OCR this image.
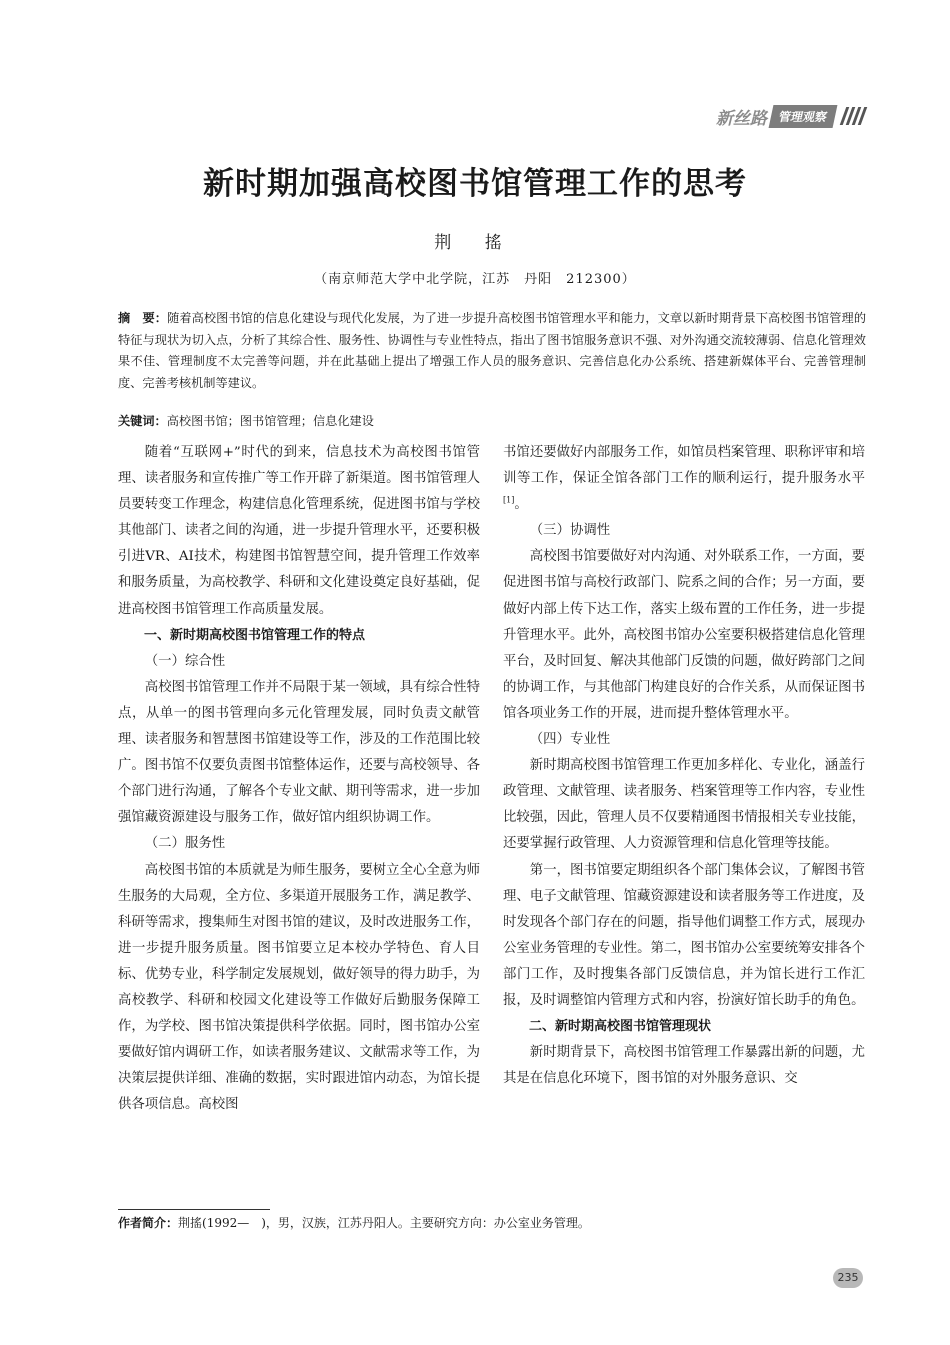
新丝路 管理观察
新时期加强高校图书馆管理工作的思考
荆 搖
（南京师范大学中北学院，江苏　丹阳　212300）
摘　要：随着高校图书馆的信息化建设与现代化发展，为了进一步提升高校图书馆管理水平和能力，文章以新时期背景下高校图书馆管理的特征与现状为切入点，分析了其综合性、服务性、协调性与专业性特点，指出了图书馆服务意识不强、对外沟通交流较薄弱、信息化管理效果不佳、管理制度不太完善等问题，并在此基础上提出了增强工作人员的服务意识、完善信息化办公系统、搭建新媒体平台、完善管理制度、完善考核机制等建议。
关键词：高校图书馆；图书馆管理；信息化建设

随着“互联网+”时代的到来，信息技术为高校图书馆管理、读者服务和宣传推广等工作开辟了新渠道。图书馆管理人员要转变工作理念，构建信息化管理系统，促进图书馆与学校其他部门、读者之间的沟通，进一步提升管理水平，还要积极引进VR、AI技术，构建图书馆智慧空间，提升管理工作效率和服务质量，为高校教学、科研和文化建设奠定良好基础，促进高校图书馆管理工作高质量发展。

一、新时期高校图书馆管理工作的特点
（一）综合性

高校图书馆管理工作并不局限于某一领域，具有综合性特点，从单一的图书管理向多元化管理发展，同时负责文献管理、读者服务和智慧图书馆建设等工作，涉及的工作范围比较广。图书馆不仅要负责图书馆整体运作，还要与高校领导、各个部门进行沟通，了解各个专业文献、期刊等需求，进一步加强馆藏资源建设与服务工作，做好馆内组织协调工作。

（二）服务性

高校图书馆的本质就是为师生服务，要树立全心全意为师生服务的大局观，全方位、多渠道开展服务工作，满足教学、科研等需求，搜集师生对图书馆的建议，及时改进服务工作，进一步提升服务质量。图书馆要立足本校办学特色、育人目标、优势专业，科学制定发展规划，做好领导的得力助手，为高校教学、科研和校园文化建设等工作做好后勤服务保障工作，为学校、图书馆决策提供科学依据。同时，图书馆办公室要做好馆内调研工作，如读者服务建议、文献需求等工作，为决策层提供详细、准确的数据，实时跟进馆内动态，为馆长提供各项信息。高校图

书馆还要做好内部服务工作，如馆员档案管理、职称评审和培训等工作，保证全馆各部门工作的顺利运行，提升服务水平[1]。

（三）协调性

高校图书馆要做好对内沟通、对外联系工作，一方面，要促进图书馆与高校行政部门、院系之间的合作；另一方面，要做好内部上传下达工作，落实上级布置的工作任务，进一步提升管理水平。此外，高校图书馆办公室要积极搭建信息化管理平台，及时回复、解决其他部门反馈的问题，做好跨部门之间的协调工作，与其他部门构建良好的合作关系，从而保证图书馆各项业务工作的开展，进而提升整体管理水平。

（四）专业性

新时期高校图书馆管理工作更加多样化、专业化，涵盖行政管理、文献管理、读者服务、档案管理等工作内容，专业性比较强，因此，管理人员不仅要精通图书情报相关专业技能，还要掌握行政管理、人力资源管理和信息化管理等技能。

第一，图书馆要定期组织各个部门集体会议，了解图书管理、电子文献管理、馆藏资源建设和读者服务等工作进度，及时发现各个部门存在的问题，指导他们调整工作方式，展现办公室业务管理的专业性。第二，图书馆办公室要统筹安排各个部门工作，及时搜集各部门反馈信息，并为馆长进行工作汇报，及时调整馆内管理方式和内容，扮演好馆长助手的角色。

二、新时期高校图书馆管理现状

新时期背景下，高校图书馆管理工作暴露出新的问题，尤其是在信息化环境下，图书馆的对外服务意识、交

作者简介：荆搖(1992—　)，男，汉族，江苏丹阳人。主要研究方向：办公室业务管理。
235
